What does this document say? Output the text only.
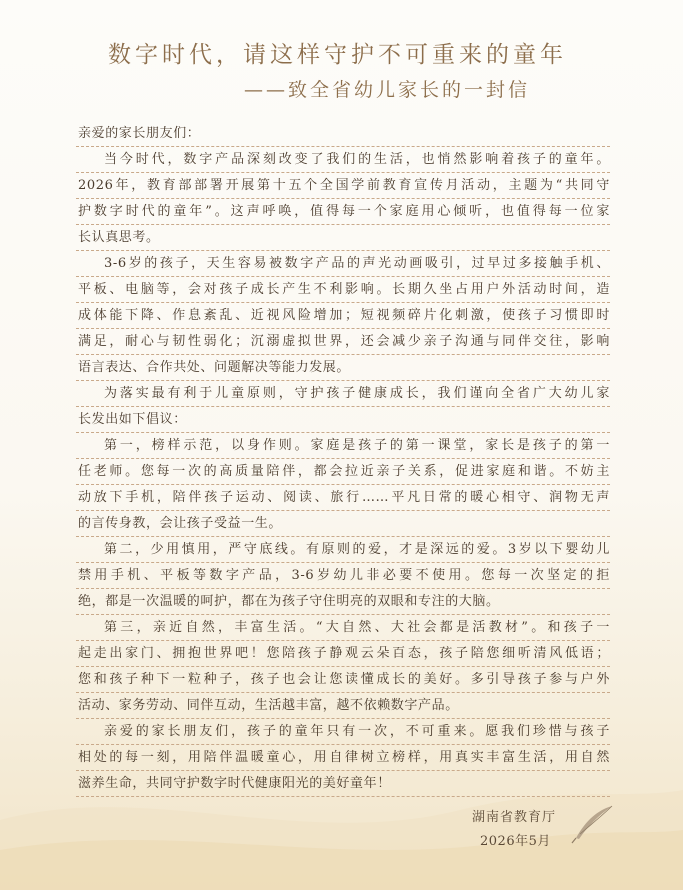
数字时代，请这样守护不可重来的童年
——致全省幼儿家长的一封信

亲爱的家长朋友们：

当今时代，数字产品深刻改变了我们的生活，也悄然影响着孩子的童年。

2026年，教育部部署开展第十五个全国学前教育宣传月活动，主题为“共同守

护数字时代的童年”。这声呼唤，值得每一个家庭用心倾听，也值得每一位家

长认真思考。

3-6岁的孩子，天生容易被数字产品的声光动画吸引，过早过多接触手机、

平板、电脑等，会对孩子成长产生不利影响。长期久坐占用户外活动时间，造

成体能下降、作息紊乱、近视风险增加；短视频碎片化刺激，使孩子习惯即时

满足，耐心与韧性弱化；沉溺虚拟世界，还会减少亲子沟通与同伴交往，影响

语言表达、合作共处、问题解决等能力发展。

为落实最有利于儿童原则，守护孩子健康成长，我们谨向全省广大幼儿家

长发出如下倡议：

第一，榜样示范，以身作则。家庭是孩子的第一课堂，家长是孩子的第一

任老师。您每一次的高质量陪伴，都会拉近亲子关系，促进家庭和谐。不妨主

动放下手机，陪伴孩子运动、阅读、旅行……平凡日常的暖心相守、润物无声

的言传身教，会让孩子受益一生。

第二，少用慎用，严守底线。有原则的爱，才是深远的爱。3岁以下婴幼儿

禁用手机、平板等数字产品，3-6岁幼儿非必要不使用。您每一次坚定的拒

绝，都是一次温暖的呵护，都在为孩子守住明亮的双眼和专注的大脑。

第三，亲近自然，丰富生活。“大自然、大社会都是活教材”。和孩子一

起走出家门、拥抱世界吧！您陪孩子静观云朵百态，孩子陪您细听清风低语；

您和孩子种下一粒种子，孩子也会让您读懂成长的美好。多引导孩子参与户外

活动、家务劳动、同伴互动，生活越丰富，越不依赖数字产品。

亲爱的家长朋友们，孩子的童年只有一次，不可重来。愿我们珍惜与孩子

相处的每一刻，用陪伴温暖童心，用自律树立榜样，用真实丰富生活，用自然

滋养生命，共同守护数字时代健康阳光的美好童年！

湖南省教育厅
2026年5月
